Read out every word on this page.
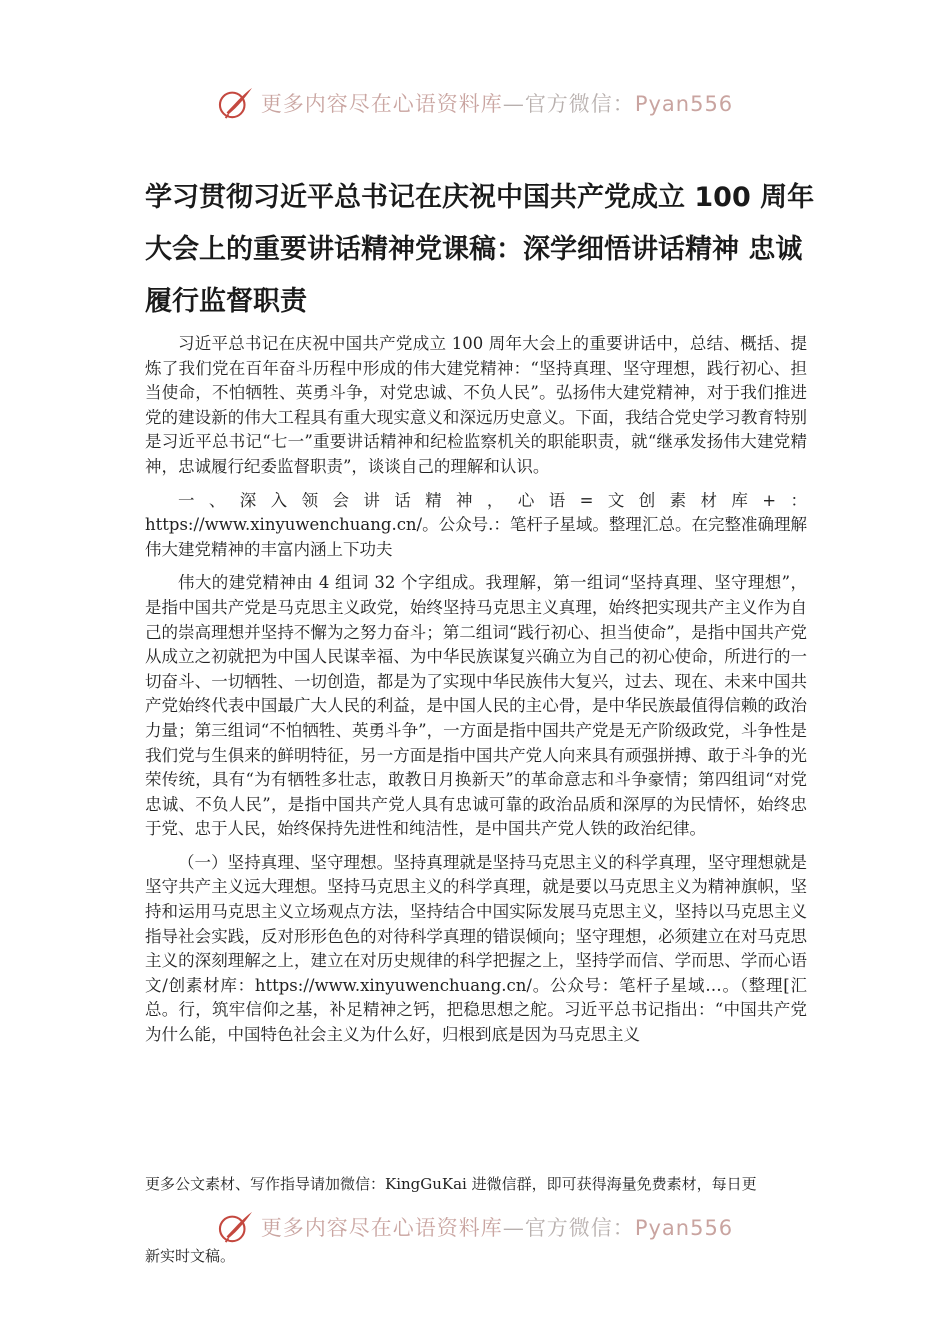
更多内容尽在心语资料库—官方微信：Pyan556
学习贯彻习近平总书记在庆祝中国共产党成立 100 周年大会上的重要讲话精神党课稿：深学细悟讲话精神 忠诚履行监督职责

习近平总书记在庆祝中国共产党成立 100 周年大会上的重要讲话中，总结、概括、提炼了我们党在百年奋斗历程中形成的伟大建党精神：“坚持真理、坚守理想，践行初心、担当使命，不怕牺牲、英勇斗争，对党忠诚、不负人民”。弘扬伟大建党精神，对于我们推进党的建设新的伟大工程具有重大现实意义和深远历史意义。下面，我结合党史学习教育特别是习近平总书记“七一”重要讲话精神和纪检监察机关的职能职责，就“继承发扬伟大建党精神，忠诚履行纪委监督职责”，谈谈自己的理解和认识。

一、深入领会讲话精神，心语=文创素材库+：https://www.xinyuwenchuang.cn/。公众号.：笔杆子星域。整理汇总。在完整准确理解伟大建党精神的丰富内涵上下功夫

伟大的建党精神由 4 组词 32 个字组成。我理解，第一组词“坚持真理、坚守理想”，是指中国共产党是马克思主义政党，始终坚持马克思主义真理，始终把实现共产主义作为自己的崇高理想并坚持不懈为之努力奋斗；第二组词“践行初心、担当使命”，是指中国共产党从成立之初就把为中国人民谋幸福、为中华民族谋复兴确立为自己的初心使命，所进行的一切奋斗、一切牺牲、一切创造，都是为了实现中华民族伟大复兴，过去、现在、未来中国共产党始终代表中国最广大人民的利益，是中国人民的主心骨，是中华民族最值得信赖的政治力量；第三组词“不怕牺牲、英勇斗争”，一方面是指中国共产党是无产阶级政党，斗争性是我们党与生俱来的鲜明特征，另一方面是指中国共产党人向来具有顽强拼搏、敢于斗争的光荣传统，具有“为有牺牲多壮志，敢教日月换新天”的革命意志和斗争豪情；第四组词“对党忠诚、不负人民”，是指中国共产党人具有忠诚可靠的政治品质和深厚的为民情怀，始终忠于党、忠于人民，始终保持先进性和纯洁性，是中国共产党人铁的政治纪律。

（一）坚持真理、坚守理想。坚持真理就是坚持马克思主义的科学真理，坚守理想就是坚守共产主义远大理想。坚持马克思主义的科学真理，就是要以马克思主义为精神旗帜，坚持和运用马克思主义立场观点方法，坚持结合中国实际发展马克思主义，坚持以马克思主义指导社会实践，反对形形色色的对待科学真理的错误倾向；坚守理想，必须建立在对马克思主义的深刻理解之上，建立在对历史规律的科学把握之上，坚持学而信、学而思、学而心语文/创素材库：https://www.xinyuwenchuang.cn/。公众号：笔杆子星域…。（整理[汇总。行，筑牢信仰之基，补足精神之钙，把稳思想之舵。习近平总书记指出：“中国共产党为什么能，中国特色社会主义为什么好，归根到底是因为马克思主义

更多公文素材、写作指导请加微信：KingGuKai 进微信群，即可获得海量免费素材，每日更
更多内容尽在心语资料库—官方微信：Pyan556
新实时文稿。
